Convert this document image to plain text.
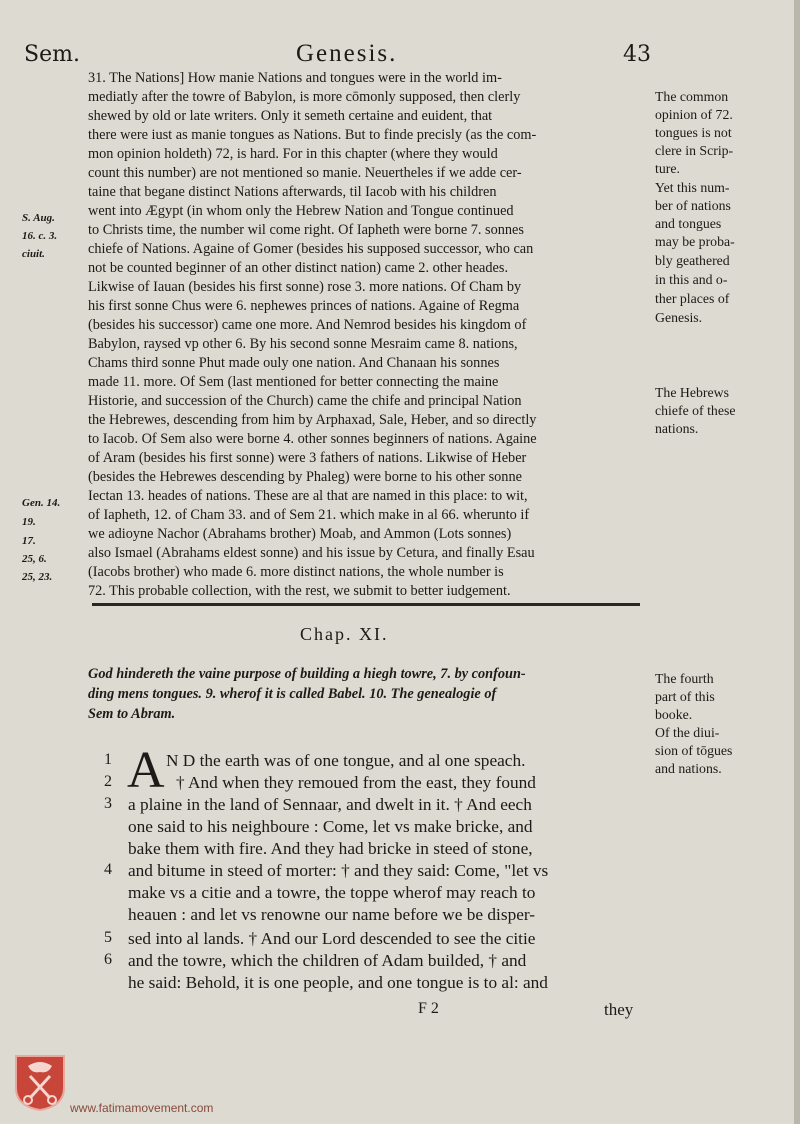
Sem.	Genesis.	43
31. The Nations] How manie Nations and tongues were in the world im-
mediatly after the towre of Babylon, is more cōmonly supposed, then clerly
shewed by old or late writers. Only it semeth certaine and euident, that
there were iust as manie tongues as Nations. But to finde precisly (as the com-
mon opinion holdeth) 72, is hard. For in this chapter (where they would
count this number) are not mentioned so manie. Neuertheles if we adde cer-
taine that begane distinct Nations afterwards, til Iacob with his children
went into Ægypt (in whom only the Hebrew Nation and Tongue continued
to Christs time, the number wil come right. Of Iapheth were borne 7. sonnes
chiefe of Nations. Againe of Gomer (besides his supposed successor, who can
not be counted beginner of an other distinct nation) came 2. other heades.
Likwise of Iauan (besides his first sonne) rose 3. more nations. Of Cham by
his first sonne Chus were 6. nephewes princes of nations. Againe of Regma
(besides his successor) came one more. And Nemrod besides his kingdom of
Babylon, raysed vp other 6. By his second sonne Mesraim came 8. nations,
Chams third sonne Phut made ouly one nation. And Chanaan his sonnes
made 11. more. Of Sem (last mentioned for better connecting the maine
Historie, and succession of the Church) came the chife and principal Nation
the Hebrewes, descending from him by Arphaxad, Sale, Heber, and so directly
to Iacob. Of Sem also were borne 4. other sonnes beginners of nations. Againe
of Aram (besides his first sonne) were 3 fathers of nations. Likwise of Heber
(besides the Hebrewes descending by Phaleg) were borne to his other sonne
Iectan 13. heades of nations. These are al that are named in this place: to wit,
of Iapheth, 12. of Cham 33. and of Sem 21. which make in al 66. wherunto if
we adioyne Nachor (Abrahams brother) Moab, and Ammon (Lots sonnes)
also Ismael (Abrahams eldest sonne) and his issue by Cetura, and finally Esau
(Iacobs brother) who made 6. more distinct nations, the whole number is
72. This probable collection, with the rest, we submit to better iudgement.
The common
opinion of 72.
tongues is not
clere in Scrip-
ture.
Yet this num-
ber of nations
and tongues
may be proba-
bly geathered
in this and o-
ther places of
Genesis.
The Hebrews
chiefe of these
nations.
S. Aug.
16. c. 3.
ciuit.
Gen. 14.
19.
17.
25, 6.
25, 23.
Chap. XI.
God hindereth the vaine purpose of building a hiegh towre, 7. by confoun-
ding mens tongues. 9. wherof it is called Babel. 10. The genealogie of
Sem to Abram.
The fourth
part of this
booke.
Of the diui-
sion of tōgues
and nations.
1
2
3
4
5
6
A N D the earth was of one tongue, and al one speach.
† And when they remoued from the east, they found
a plaine in the land of Sennaar, and dwelt in it. † And eech
one said to his neighboure : Come, let vs make bricke, and
bake them with fire. And they had bricke in steed of stone,
and bitume in steed of morter: † and they said: Come, "let vs
make vs a citie and a towre, the toppe wherof may reach to
heauen : and let vs renowne our name before we be disper-
sed into al lands. † And our Lord descended to see the citie
and the towre, which the children of Adam builded, † and
he said: Behold, it is one people, and one tongue is to al: and
F 2	they
www.fatimamovement.com
